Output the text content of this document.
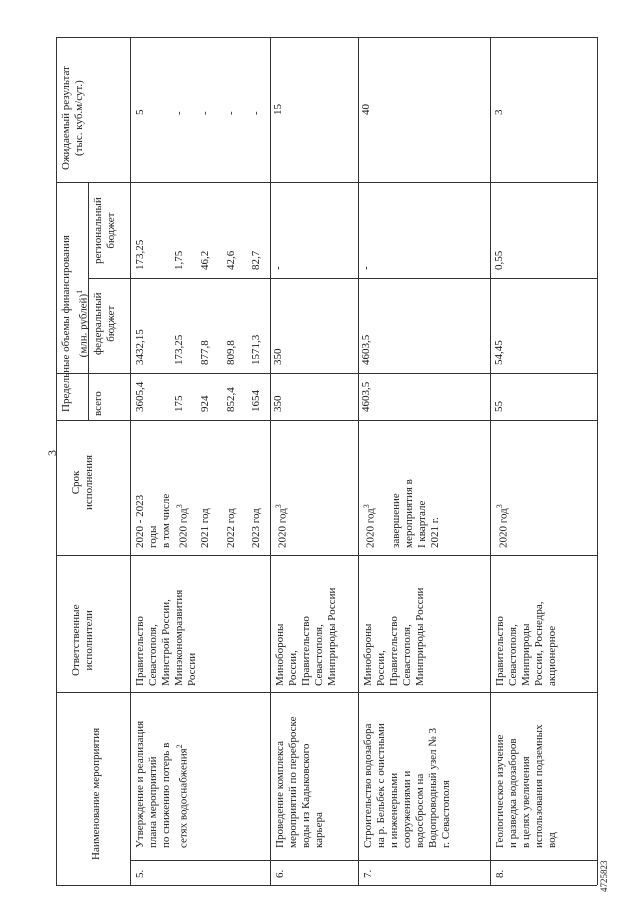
Наименование мероприятия
Ответственные
исполнители
Срок
исполнения
Предельные объемы финансирования
(млн. рублей)$^1$
всего
федеральный
бюджет
региональный
бюджет
Ожидаемый результат
(тыс. куб.м/сут.)
5.
Утверждение и реализация
плана мероприятий
по снижению потерь в
сетях водоснабжения$^2$
Правительство
Севастополя,
Минстрой России,
Минэкономразвития
России
2020 - 2023
годы в том числе 2020 год$^3$
2021 год 2022 год 2023 год
3605,4 175 924 852,4 1654
3432,15 173,25 877,8 809,8 1571,3
173,25 1,75 46,2 42,6 82,7
5 - - - -
6.
Проведение комплекса
мероприятий по переброске
воды из Кадыковского
карьера
Минобороны
России,
Правительство
Севастополя,
Минприроды России
2020 год$^3$
350
350
-
15
7.
Строительство водозабора
на р. Бельбек с очистными
и инженерными
сооружениями и
водосбросом на
Водопроводный узел № 3
г. Севастополя
Минобороны
России,
Правительство
Севастополя,
Минприроды России
2020 год$^3$	завершение
мероприятия в
I квартале
2021 г.
4603,5
4603,5
-
40
8.
Геологическое изучение
и разведка водозаборов
в целях увеличения
использования подземных
вод
Правительство
Севастополя,
Минприроды
России, Роснедра,
акционерное
2020 год$^3$
55
54,45
0,55
3
3
4725823
